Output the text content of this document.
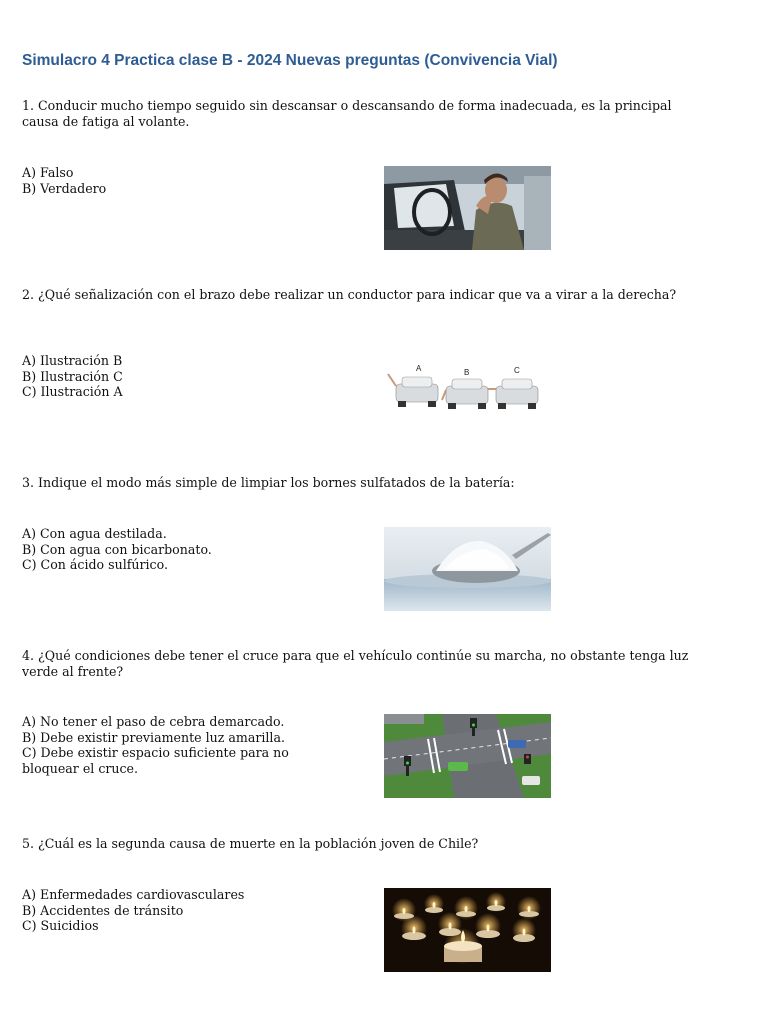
Simulacro 4 Practica clase B - 2024 Nuevas preguntas (Convivencia Vial)
1. Conducir mucho tiempo seguido sin descansar o descansando de forma inadecuada, es la principal causa de fatiga al volante.
A) Falso
B) Verdadero
2. ¿Qué señalización con el brazo debe realizar un conductor para indicar que va a virar a la derecha?
A) Ilustración B
B) Ilustración C
C) Ilustración A
A	B	C
3. Indique el modo más simple de limpiar los bornes sulfatados de la batería:
A) Con agua destilada.
B) Con agua con bicarbonato.
C) Con ácido sulfúrico.
4. ¿Qué condiciones debe tener el cruce para que el vehículo continúe su marcha, no obstante tenga luz verde al frente?
A) No tener el paso de cebra demarcado.
B) Debe existir previamente luz amarilla.
C) Debe existir espacio suficiente para no bloquear el cruce.
5. ¿Cuál es la segunda causa de muerte en la población joven de Chile?
A) Enfermedades cardiovasculares
B) Accidentes de tránsito
C) Suicidios
